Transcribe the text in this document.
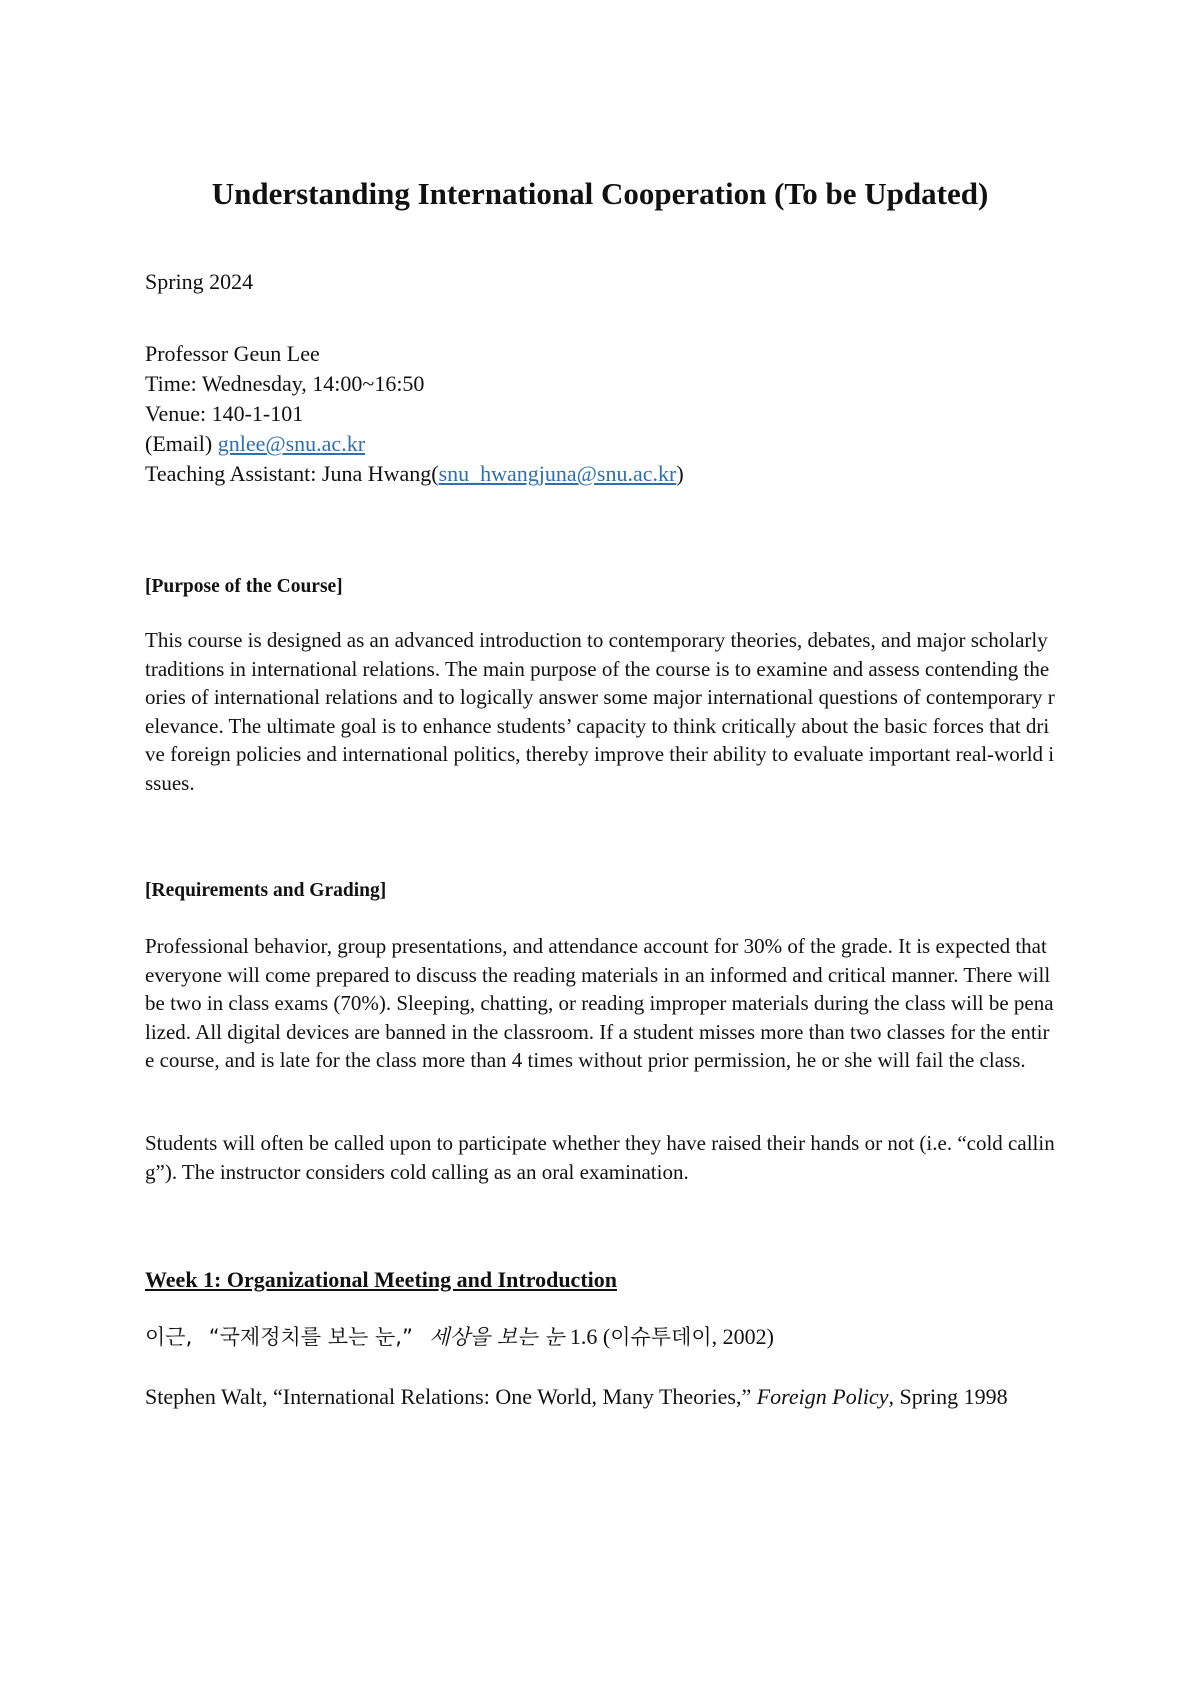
Understanding International Cooperation (To be Updated)
Spring 2024
Professor Geun Lee
Time: Wednesday, 14:00~16:50
Venue: 140-1-101
(Email) gnlee@snu.ac.kr
Teaching Assistant: Juna Hwang(snu_hwangjuna@snu.ac.kr)
[Purpose of the Course]
This course is designed as an advanced introduction to contemporary theories, debates, and major scholarly traditions in international relations. The main purpose of the course is to examine and assess contending theories of international relations and to logically answer some major international questions of contemporary relevance. The ultimate goal is to enhance students’ capacity to think critically about the basic forces that drive foreign policies and international politics, thereby improve their ability to evaluate important real-world issues.
[Requirements and Grading]
Professional behavior, group presentations, and attendance account for 30% of the grade. It is expected that everyone will come prepared to discuss the reading materials in an informed and critical manner. There will be two in class exams (70%). Sleeping, chatting, or reading improper materials during the class will be penalized. All digital devices are banned in the classroom. If a student misses more than two classes for the entire course, and is late for the class more than 4 times without prior permission, he or she will fail the class.
Students will often be called upon to participate whether they have raised their hands or not (i.e. “cold calling”). The instructor considers cold calling as an oral examination.
Week 1: Organizational Meeting and Introduction
이근, “국제정치를 보는 눈,” 세상을 보는 눈 1.6 (이슈투데이, 2002)
Stephen Walt, “International Relations: One World, Many Theories,” Foreign Policy, Spring 1998
